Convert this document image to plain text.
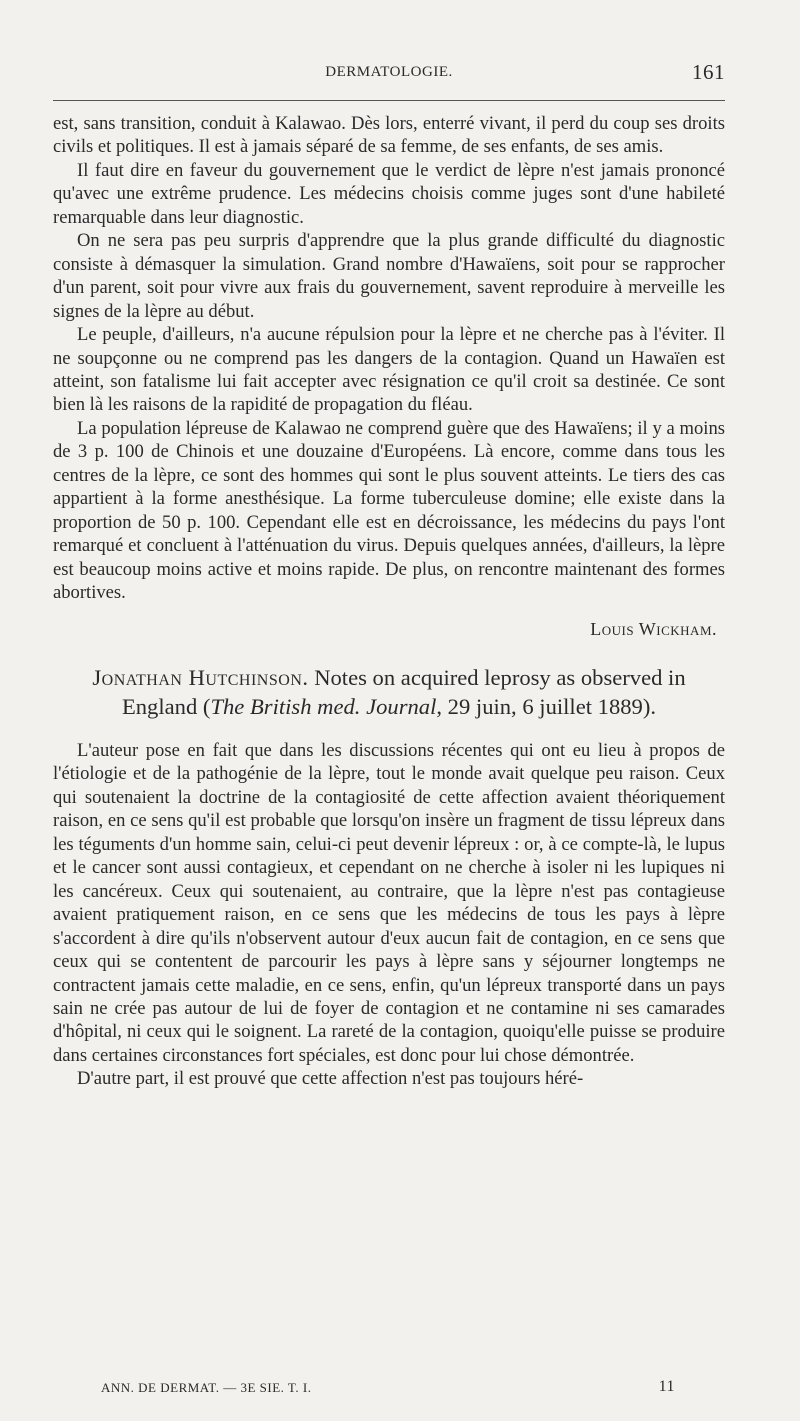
DERMATOLOGIE.	161

est, sans transition, conduit à Kalawao. Dès lors, enterré vivant, il perd du coup ses droits civils et politiques. Il est à jamais séparé de sa femme, de ses enfants, de ses amis.

Il faut dire en faveur du gouvernement que le verdict de lèpre n'est jamais prononcé qu'avec une extrême prudence. Les médecins choisis comme juges sont d'une habileté remarquable dans leur diagnostic.

On ne sera pas peu surpris d'apprendre que la plus grande difficulté du diagnostic consiste à démasquer la simulation. Grand nombre d'Hawaïens, soit pour se rapprocher d'un parent, soit pour vivre aux frais du gouvernement, savent reproduire à merveille les signes de la lèpre au début.

Le peuple, d'ailleurs, n'a aucune répulsion pour la lèpre et ne cherche pas à l'éviter. Il ne soupçonne ou ne comprend pas les dangers de la contagion. Quand un Hawaïen est atteint, son fatalisme lui fait accepter avec résignation ce qu'il croit sa destinée. Ce sont bien là les raisons de la rapidité de propagation du fléau.

La population lépreuse de Kalawao ne comprend guère que des Hawaïens; il y a moins de 3 p. 100 de Chinois et une douzaine d'Européens. Là encore, comme dans tous les centres de la lèpre, ce sont des hommes qui sont le plus souvent atteints. Le tiers des cas appartient à la forme anesthésique. La forme tuberculeuse domine; elle existe dans la proportion de 50 p. 100. Cependant elle est en décroissance, les médecins du pays l'ont remarqué et concluent à l'atténuation du virus. Depuis quelques années, d'ailleurs, la lèpre est beaucoup moins active et moins rapide. De plus, on rencontre maintenant des formes abortives.

Louis Wickham.
Jonathan Hutchinson. Notes on acquired leprosy as observed in England (The British med. Journal, 29 juin, 6 juillet 1889).

L'auteur pose en fait que dans les discussions récentes qui ont eu lieu à propos de l'étiologie et de la pathogénie de la lèpre, tout le monde avait quelque peu raison. Ceux qui soutenaient la doctrine de la contagiosité de cette affection avaient théoriquement raison, en ce sens qu'il est probable que lorsqu'on insère un fragment de tissu lépreux dans les téguments d'un homme sain, celui-ci peut devenir lépreux : or, à ce compte-là, le lupus et le cancer sont aussi contagieux, et cependant on ne cherche à isoler ni les lupiques ni les cancéreux. Ceux qui soutenaient, au contraire, que la lèpre n'est pas contagieuse avaient pratiquement raison, en ce sens que les médecins de tous les pays à lèpre s'accordent à dire qu'ils n'observent autour d'eux aucun fait de contagion, en ce sens que ceux qui se contentent de parcourir les pays à lèpre sans y séjourner longtemps ne contractent jamais cette maladie, en ce sens, enfin, qu'un lépreux transporté dans un pays sain ne crée pas autour de lui de foyer de contagion et ne contamine ni ses camarades d'hôpital, ni ceux qui le soignent. La rareté de la contagion, quoiqu'elle puisse se produire dans certaines circonstances fort spéciales, est donc pour lui chose démontrée.

D'autre part, il est prouvé que cette affection n'est pas toujours héré-

ANN. DE DERMAT. — 3E SIE. T. I.	11
